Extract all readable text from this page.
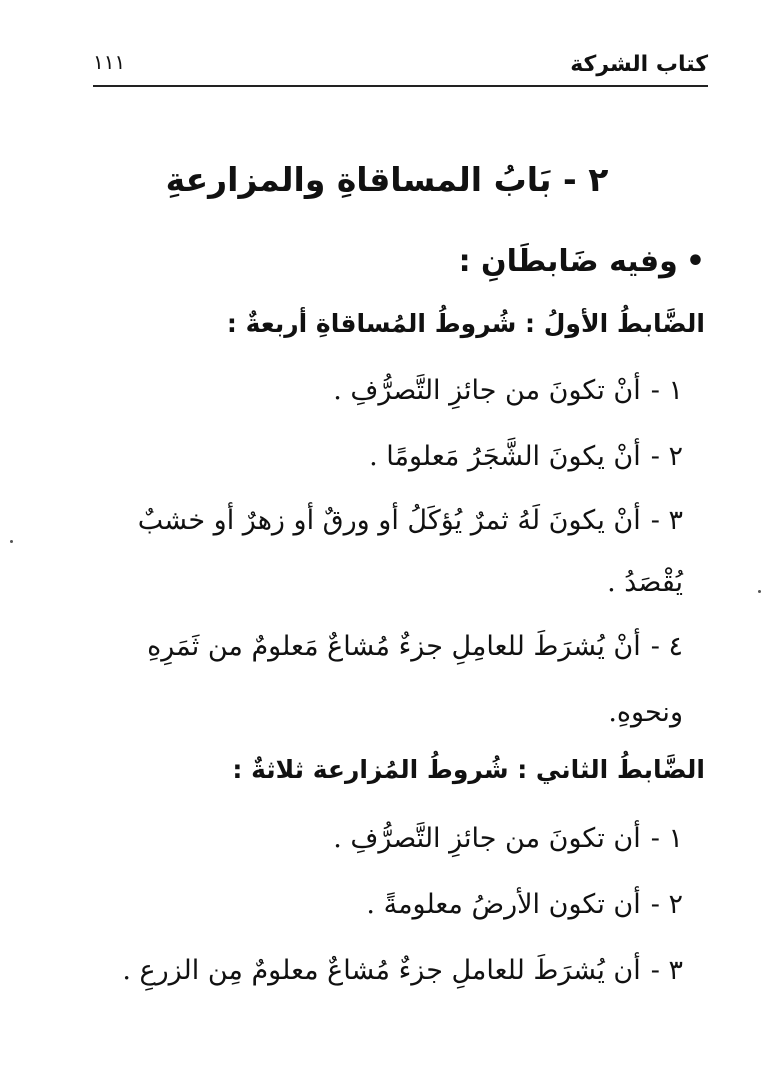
١١١	كتاب الشركة
٢ - بَابُ المساقاةِ والمزارعةِ

•وفيه ضَابطَانِ :

الضَّابطُ الأولُ : شُروطُ المُساقاةِ أربعةٌ :

١ -أنْ تكونَ من جائزِ التَّصرُّفِ .
٢ -أنْ يكونَ الشَّجَرُ مَعلومًا .
٣ -أنْ يكونَ لَهُ ثمرٌ يُؤكَلُ أو ورقٌ أو زهرٌ أو خشبٌ يُقْصَدُ .
٤ -أنْ يُشرَطَ للعامِلِ جزءٌ مُشاعٌ مَعلومٌ من ثَمَرِهِ ونحوهِ.

الضَّابطُ الثاني : شُروطُ المُزارعة ثلاثةٌ :

١ -أن تكونَ من جائزِ التَّصرُّفِ .
٢ -أن تكون الأرضُ معلومةً .
٣ -أن يُشرَطَ للعاملِ جزءٌ مُشاعٌ معلومٌ مِن الزرعِ .
